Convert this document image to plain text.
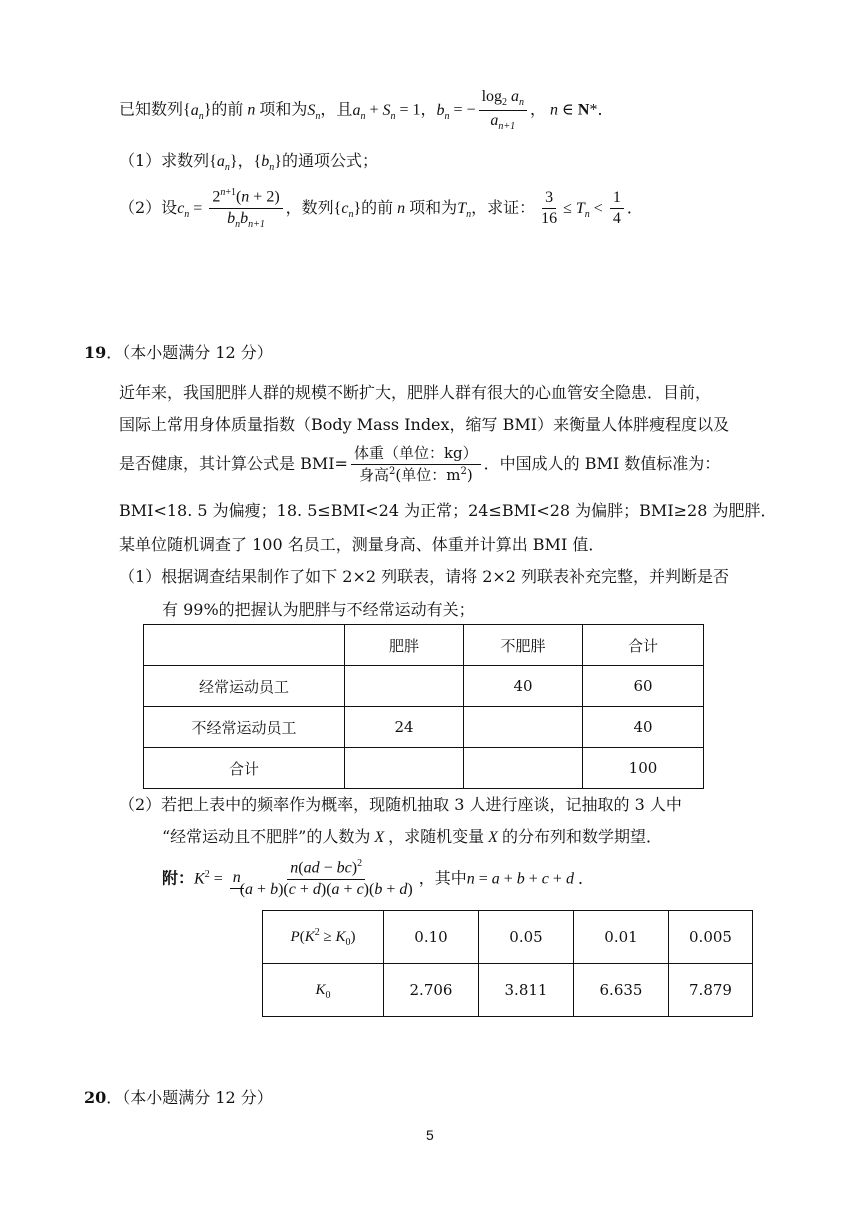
已知数列$\{a_n\}$的前 n 项和为$S_n$，且$a_n + S_n = 1$，$b_n$ = − $\frac{\log_2 a_n}{a_{n+1}}$ ， n ∈ N*．
（1）求数列$\{a_n\}$，$\{b_n\}$的通项公式；
（2）设$c_n = \frac{2^{n+1}(n + 2)}{b_nb_{n+1}}$ ，数列$\{c_n\}$的前 n 项和为$T_n$，求证： $\frac{3}{16} \le T_n < \frac{1}{4}$ ．
19．（本小题满分 12 分）
近年来，我国肥胖人群的规模不断扩大，肥胖人群有很大的心血管安全隐患．目前，
国际上常用身体质量指数（Body Mass Index，缩写 BMI）来衡量人体胖瘦程度以及
是否健康，其计算公式是 $BMI= \frac{\text{体重（单位：kg）}}{身高^2(单位:m^2)}$ ．中国成人的 BMI 数值标准为：
BMI<18. 5 为偏瘦；18. 5≤BMI<24 为正常；24≤BMI<28 为偏胖；BMI≥28 为肥胖．
某单位随机调查了 100 名员工，测量身高、体重并计算出 BMI 值．
（1）根据调查结果制作了如下 2×2 列联表，请将 2×2 列联表补充完整，并判断是否
有 99%的把握认为肥胖与不经常运动有关；
	肥胖	不肥胖	合计
经常运动员工		40	60
不经常运动员工	24		40
合计			100
（2）若把上表中的频率作为概率，现随机抽取 3 人进行座谈，记抽取的 3 人中
“经常运动且不肥胖”的人数为 X ，求随机变量 X 的分布列和数学期望．
附：$K^2 = n$
$\frac{n(ad - bc)^2}{(a + b)(c + d)(a + c)(b + d)}$ ，其中n = a + b + c + d ．
$P(K^2 \ge K_0)$	0.10	0.05	0.01	0.005
$K_0$	2.706	3.811	6.635	7.879
20．（本小题满分 12 分）
5
